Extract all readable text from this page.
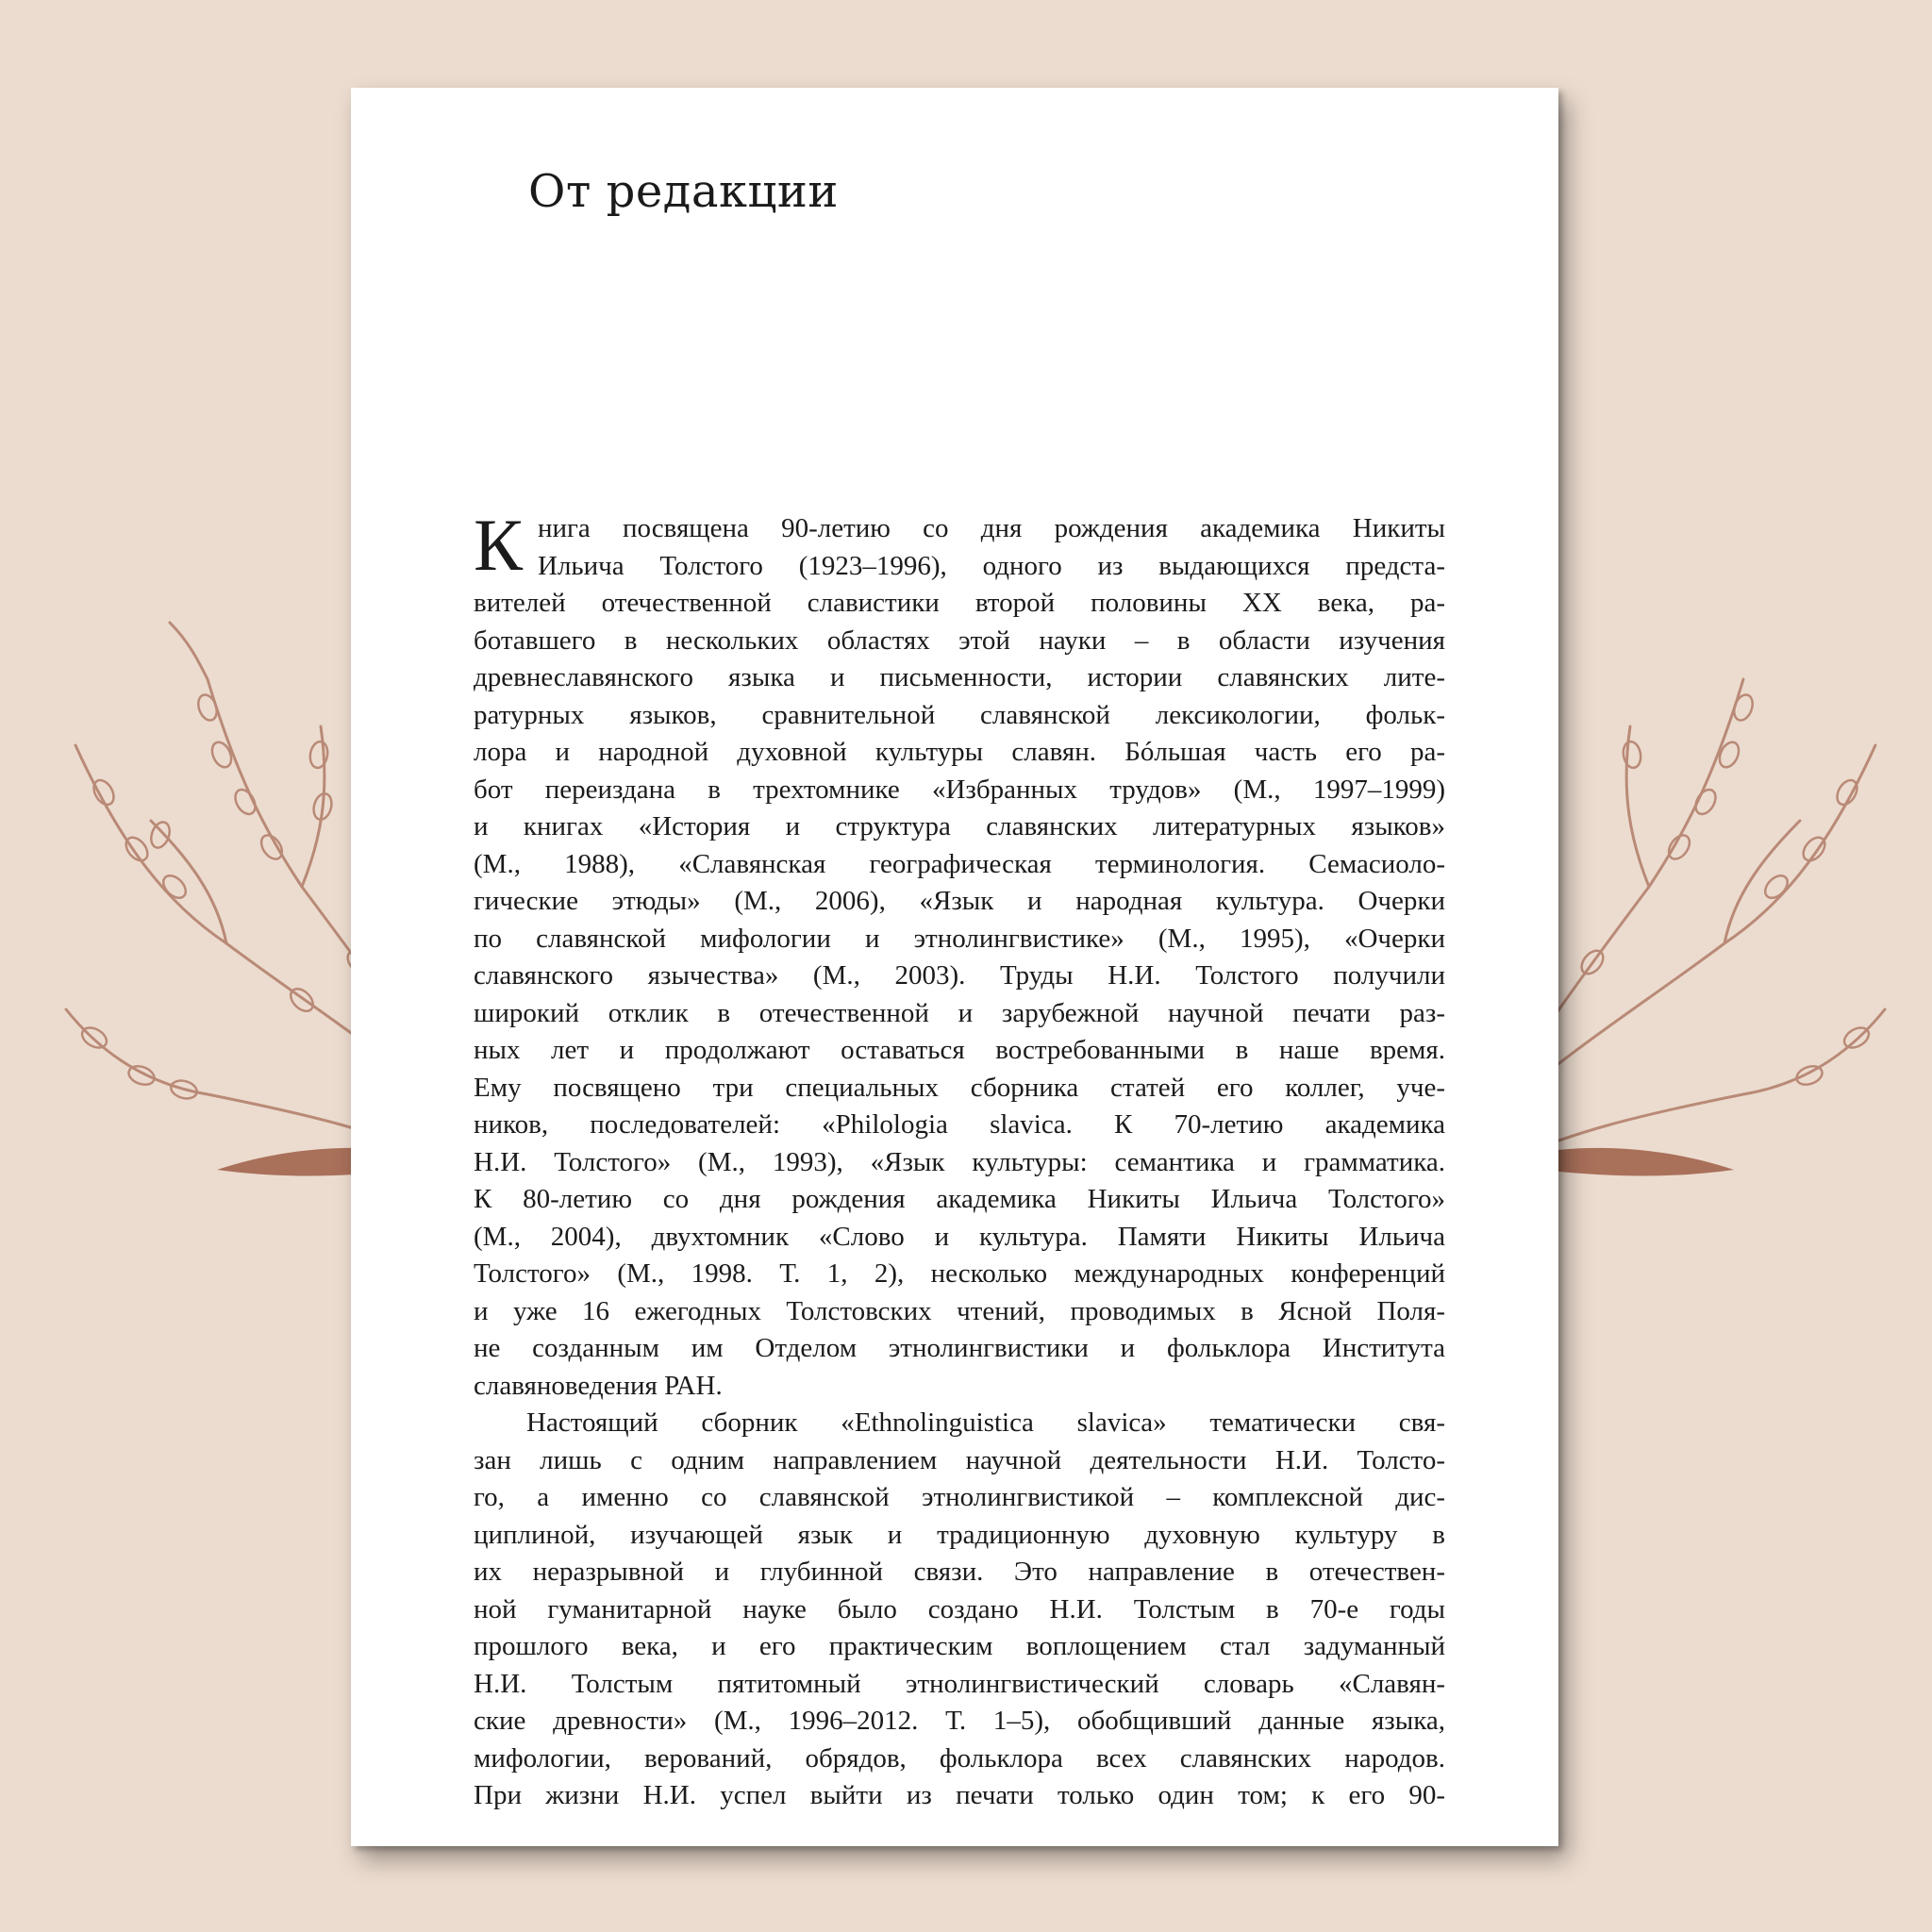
От редакции
К нига посвящена 90-летию со дня рождения академика Никиты
Ильича Толстого (1923–1996), одного из выдающихся предста-
вителей отечественной славистики второй половины XX века, ра-
ботавшего в нескольких областях этой науки – в области изучения
древнеславянского языка и письменности, истории славянских лите-
ратурных языков, сравнительной славянской лексикологии, фольк-
лора и народной духовной культуры славян. Бóльшая часть его ра-
бот переиздана в трехтомнике «Избранных трудов» (М., 1997–1999)
и книгах «История и структура славянских литературных языков»
(М., 1988), «Славянская географическая терминология. Семасиоло-
гические этюды» (М., 2006), «Язык и народная культура. Очерки
по славянской мифологии и этнолингвистике» (М., 1995), «Очерки
славянского язычества» (М., 2003). Труды Н.И. Толстого получили
широкий отклик в отечественной и зарубежной научной печати раз-
ных лет и продолжают оставаться востребованными в наше время.
Ему посвящено три специальных сборника статей его коллег, уче-
ников, последователей: «Philologia slavica. К 70-летию академика
Н.И. Толстого» (М., 1993), «Язык культуры: семантика и грамматика.
К 80-летию со дня рождения академика Никиты Ильича Толстого»
(М., 2004), двухтомник «Слово и культура. Памяти Никиты Ильича
Толстого» (М., 1998. Т. 1, 2), несколько международных конференций
и уже 16 ежегодных Толстовских чтений, проводимых в Ясной Поля-
не созданным им Отделом этнолингвистики и фольклора Института
славяноведения РАН.
Настоящий сборник «Ethnolinguistica slavica» тематически свя-
зан лишь с одним направлением научной деятельности Н.И. Толсто-
го, а именно со славянской этнолингвистикой – комплексной дис-
циплиной, изучающей язык и традиционную духовную культуру в
их неразрывной и глубинной связи. Это направление в отечествен-
ной гуманитарной науке было создано Н.И. Толстым в 70-е годы
прошлого века, и его практическим воплощением стал задуманный
Н.И. Толстым пятитомный этнолингвистический словарь «Славян-
ские древности» (М., 1996–2012. Т. 1–5), обобщивший данные языка,
мифологии, верований, обрядов, фольклора всех славянских народов.
При жизни Н.И. успел выйти из печати только один том; к его 90-
